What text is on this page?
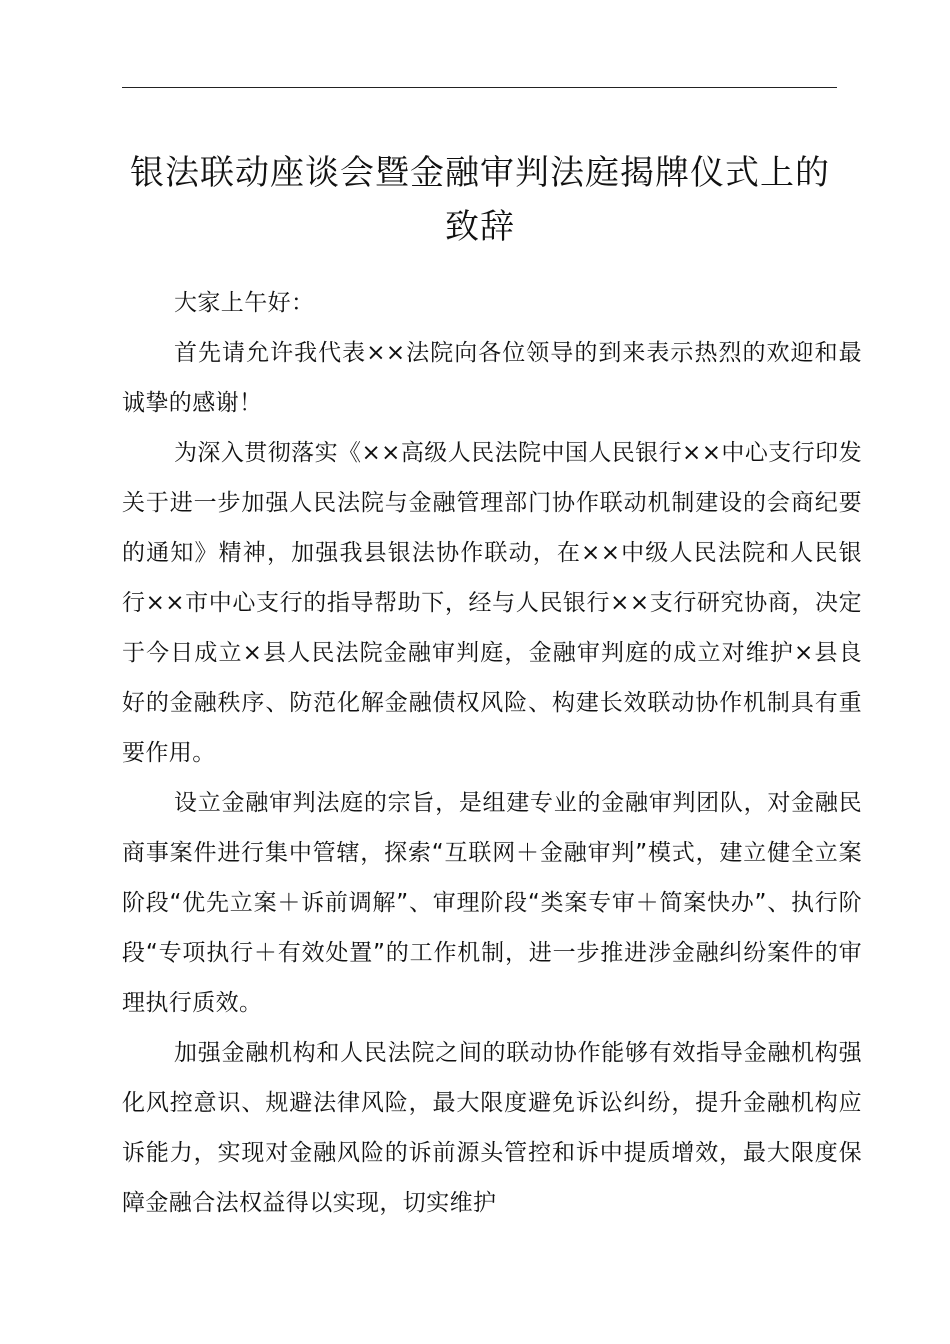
银法联动座谈会暨金融审判法庭揭牌仪式上的
致辞

大家上午好：

首先请允许我代表××法院向各位领导的到来表示热烈的欢迎和最诚挚的感谢！

为深入贯彻落实《××高级人民法院中国人民银行××中心支行印发关于进一步加强人民法院与金融管理部门协作联动机制建设的会商纪要的通知》精神，加强我县银法协作联动，在××中级人民法院和人民银行××市中心支行的指导帮助下，经与人民银行××支行研究协商，决定于今日成立×县人民法院金融审判庭，金融审判庭的成立对维护×县良好的金融秩序、防范化解金融债权风险、构建长效联动协作机制具有重要作用。

设立金融审判法庭的宗旨，是组建专业的金融审判团队，对金融民商事案件进行集中管辖，探索“互联网＋金融审判”模式，建立健全立案阶段“优先立案＋诉前调解”、审理阶段“类案专审＋简案快办”、执行阶段“专项执行＋有效处置”的工作机制，进一步推进涉金融纠纷案件的审理执行质效。

加强金融机构和人民法院之间的联动协作能够有效指导金融机构强化风控意识、规避法律风险，最大限度避免诉讼纠纷，提升金融机构应诉能力，实现对金融风险的诉前源头管控和诉中提质增效，最大限度保障金融合法权益得以实现，切实维护
